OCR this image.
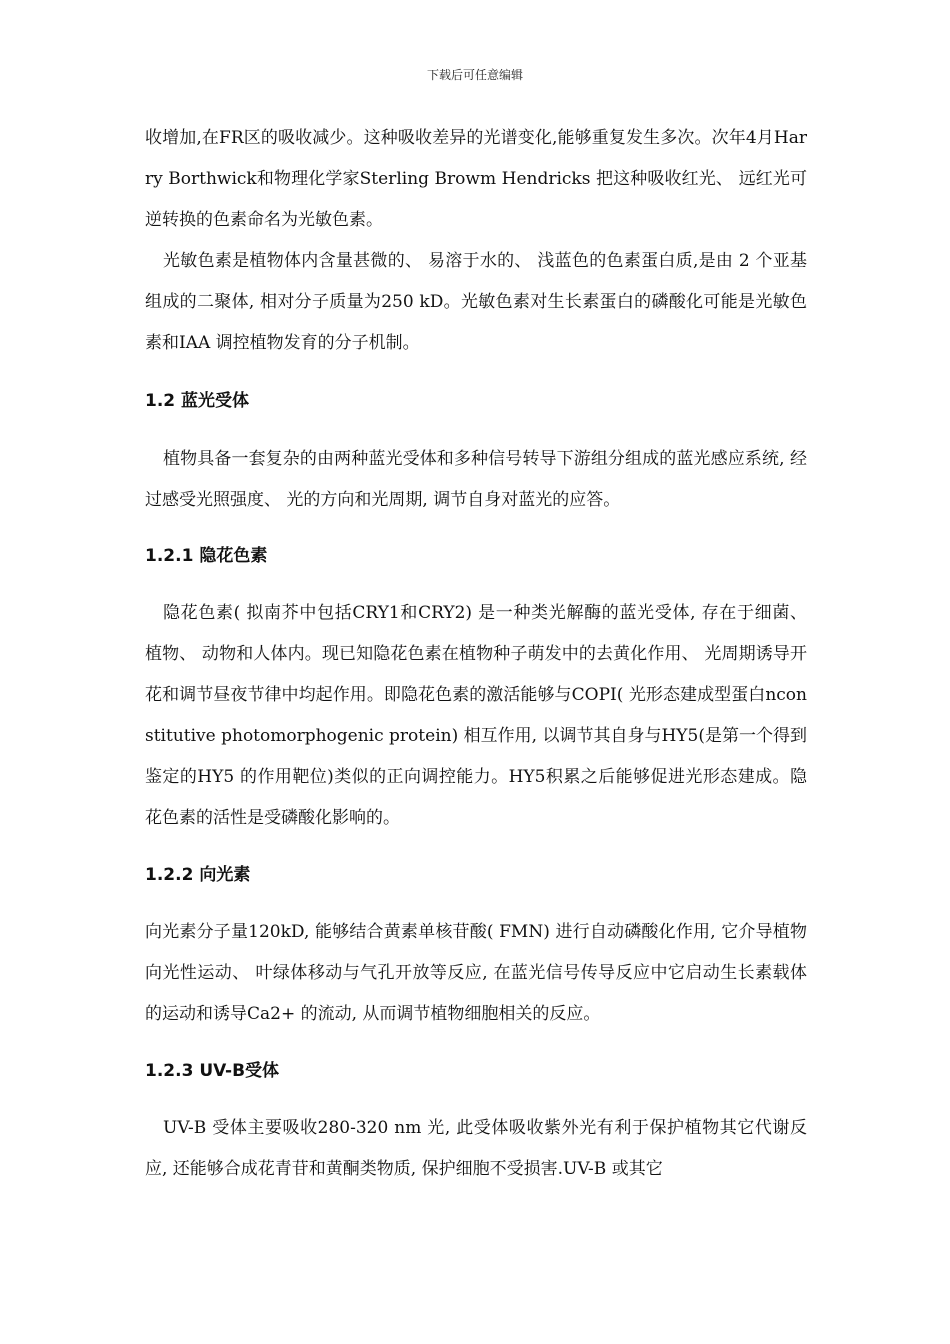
下载后可任意编辑

收增加,在FR区的吸收减少。这种吸收差异的光谱变化,能够重复发生多次。次年4月Harry Borthwick和物理化学家Sterling Browm Hendricks 把这种吸收红光、 远红光可逆转换的色素命名为光敏色素。

光敏色素是植物体内含量甚微的、 易溶于水的、 浅蓝色的色素蛋白质,是由 2 个亚基组成的二聚体, 相对分子质量为250 kD。光敏色素对生长素蛋白的磷酸化可能是光敏色素和IAA 调控植物发育的分子机制。

1.2 蓝光受体

植物具备一套复杂的由两种蓝光受体和多种信号转导下游组分组成的蓝光感应系统, 经过感受光照强度、 光的方向和光周期, 调节自身对蓝光的应答。

1.2.1 隐花色素

隐花色素( 拟南芥中包括CRY1和CRY2) 是一种类光解酶的蓝光受体, 存在于细菌、 植物、 动物和人体内。现已知隐花色素在植物种子萌发中的去黄化作用、 光周期诱导开花和调节昼夜节律中均起作用。即隐花色素的激活能够与COPI( 光形态建成型蛋白nconstitutive photomorphogenic protein) 相互作用, 以调节其自身与HY5(是第一个得到鉴定的HY5 的作用靶位)类似的正向调控能力。HY5积累之后能够促进光形态建成。隐花色素的活性是受磷酸化影响的。

1.2.2 向光素

向光素分子量120kD, 能够结合黄素单核苷酸( FMN) 进行自动磷酸化作用, 它介导植物向光性运动、 叶绿体移动与气孔开放等反应, 在蓝光信号传导反应中它启动生长素载体的运动和诱导Ca2+ 的流动, 从而调节植物细胞相关的反应。

1.2.3 UV-B受体

UV-B 受体主要吸收280-320 nm 光, 此受体吸收紫外光有利于保护植物其它代谢反应, 还能够合成花青苷和黄酮类物质, 保护细胞不受损害.UV-B 或其它
